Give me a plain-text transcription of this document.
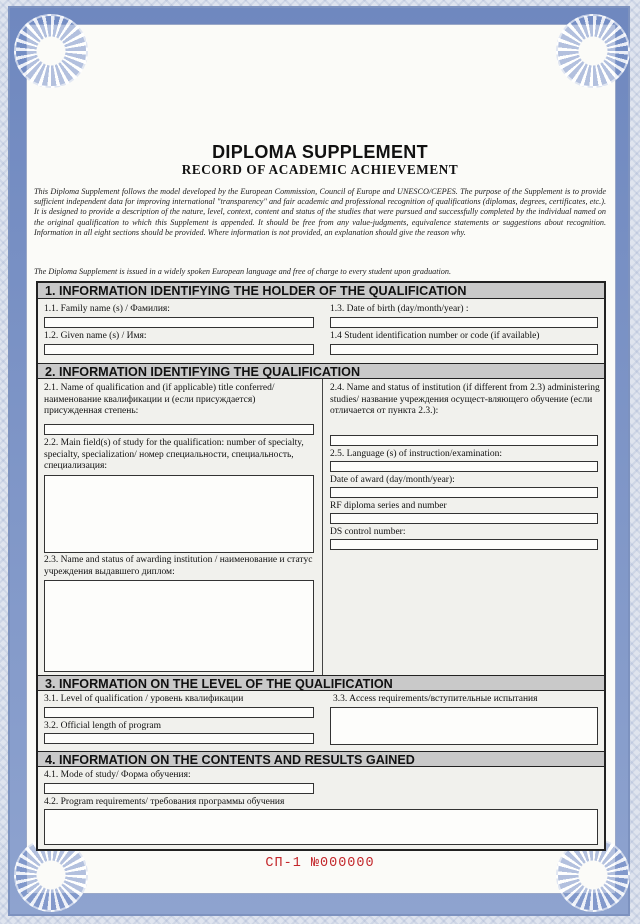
DIPLOMA SUPPLEMENT
RECORD OF ACADEMIC ACHIEVEMENT
This Diploma Supplement follows the model developed by the European Commission, Council of Europe and UNESCO/CEPES. The purpose of the Supplement is to provide sufficient independent data for improving international "transparency" and fair academic and professional recognition of qualifications (diplomas, degrees, certificates, etc.). It is designed to provide a description of the nature, level, context, content and status of the studies that were pursued and successfully completed by the individual named on the original qualification to which this Supplement is appended. It should be free from any value-judgments, equivalence statements or suggestions about recognition. Information in all eight sections should be provided. Where information is not provided, an explanation should give the reason why.
The Diploma Supplement is issued in a widely spoken European language and free of charge to every student upon graduation.
1. INFORMATION IDENTIFYING THE HOLDER OF THE QUALIFICATION
1.1. Family name (s) / Фамилия:
1.2. Given name (s) / Имя:
1.3. Date of birth (day/month/year) :
1.4 Student identification number or code (if available)
2. INFORMATION IDENTIFYING THE QUALIFICATION
2.1. Name of qualification and (if applicable) title conferred/ наименование квалификации и (если присуждается) присужденная степень:
2.2. Main field(s) of study for the qualification: number of specialty, specialty, specialization/ номер специальности, специальность, специализация:
2.3. Name and status of awarding institution / наименование и статус учреждения выдавшего диплом:
2.4. Name and status of institution (if different from 2.3) administering studies/ название учреждения осущест-вляющего обучение (если отличается от пункта 2.3.):
2.5. Language (s) of instruction/examination:
Date of award (day/month/year):
RF diploma series and number
DS control number:
3. INFORMATION ON THE LEVEL OF THE QUALIFICATION
3.1. Level of qualification / уровень квалификации
3.2. Official length of program
3.3. Access requirements/вступительные испытания
4. INFORMATION ON THE CONTENTS AND RESULTS GAINED
4.1. Mode of study/ Форма обучения:
4.2. Program requirements/ требования программы обучения
СП-1 №000000
